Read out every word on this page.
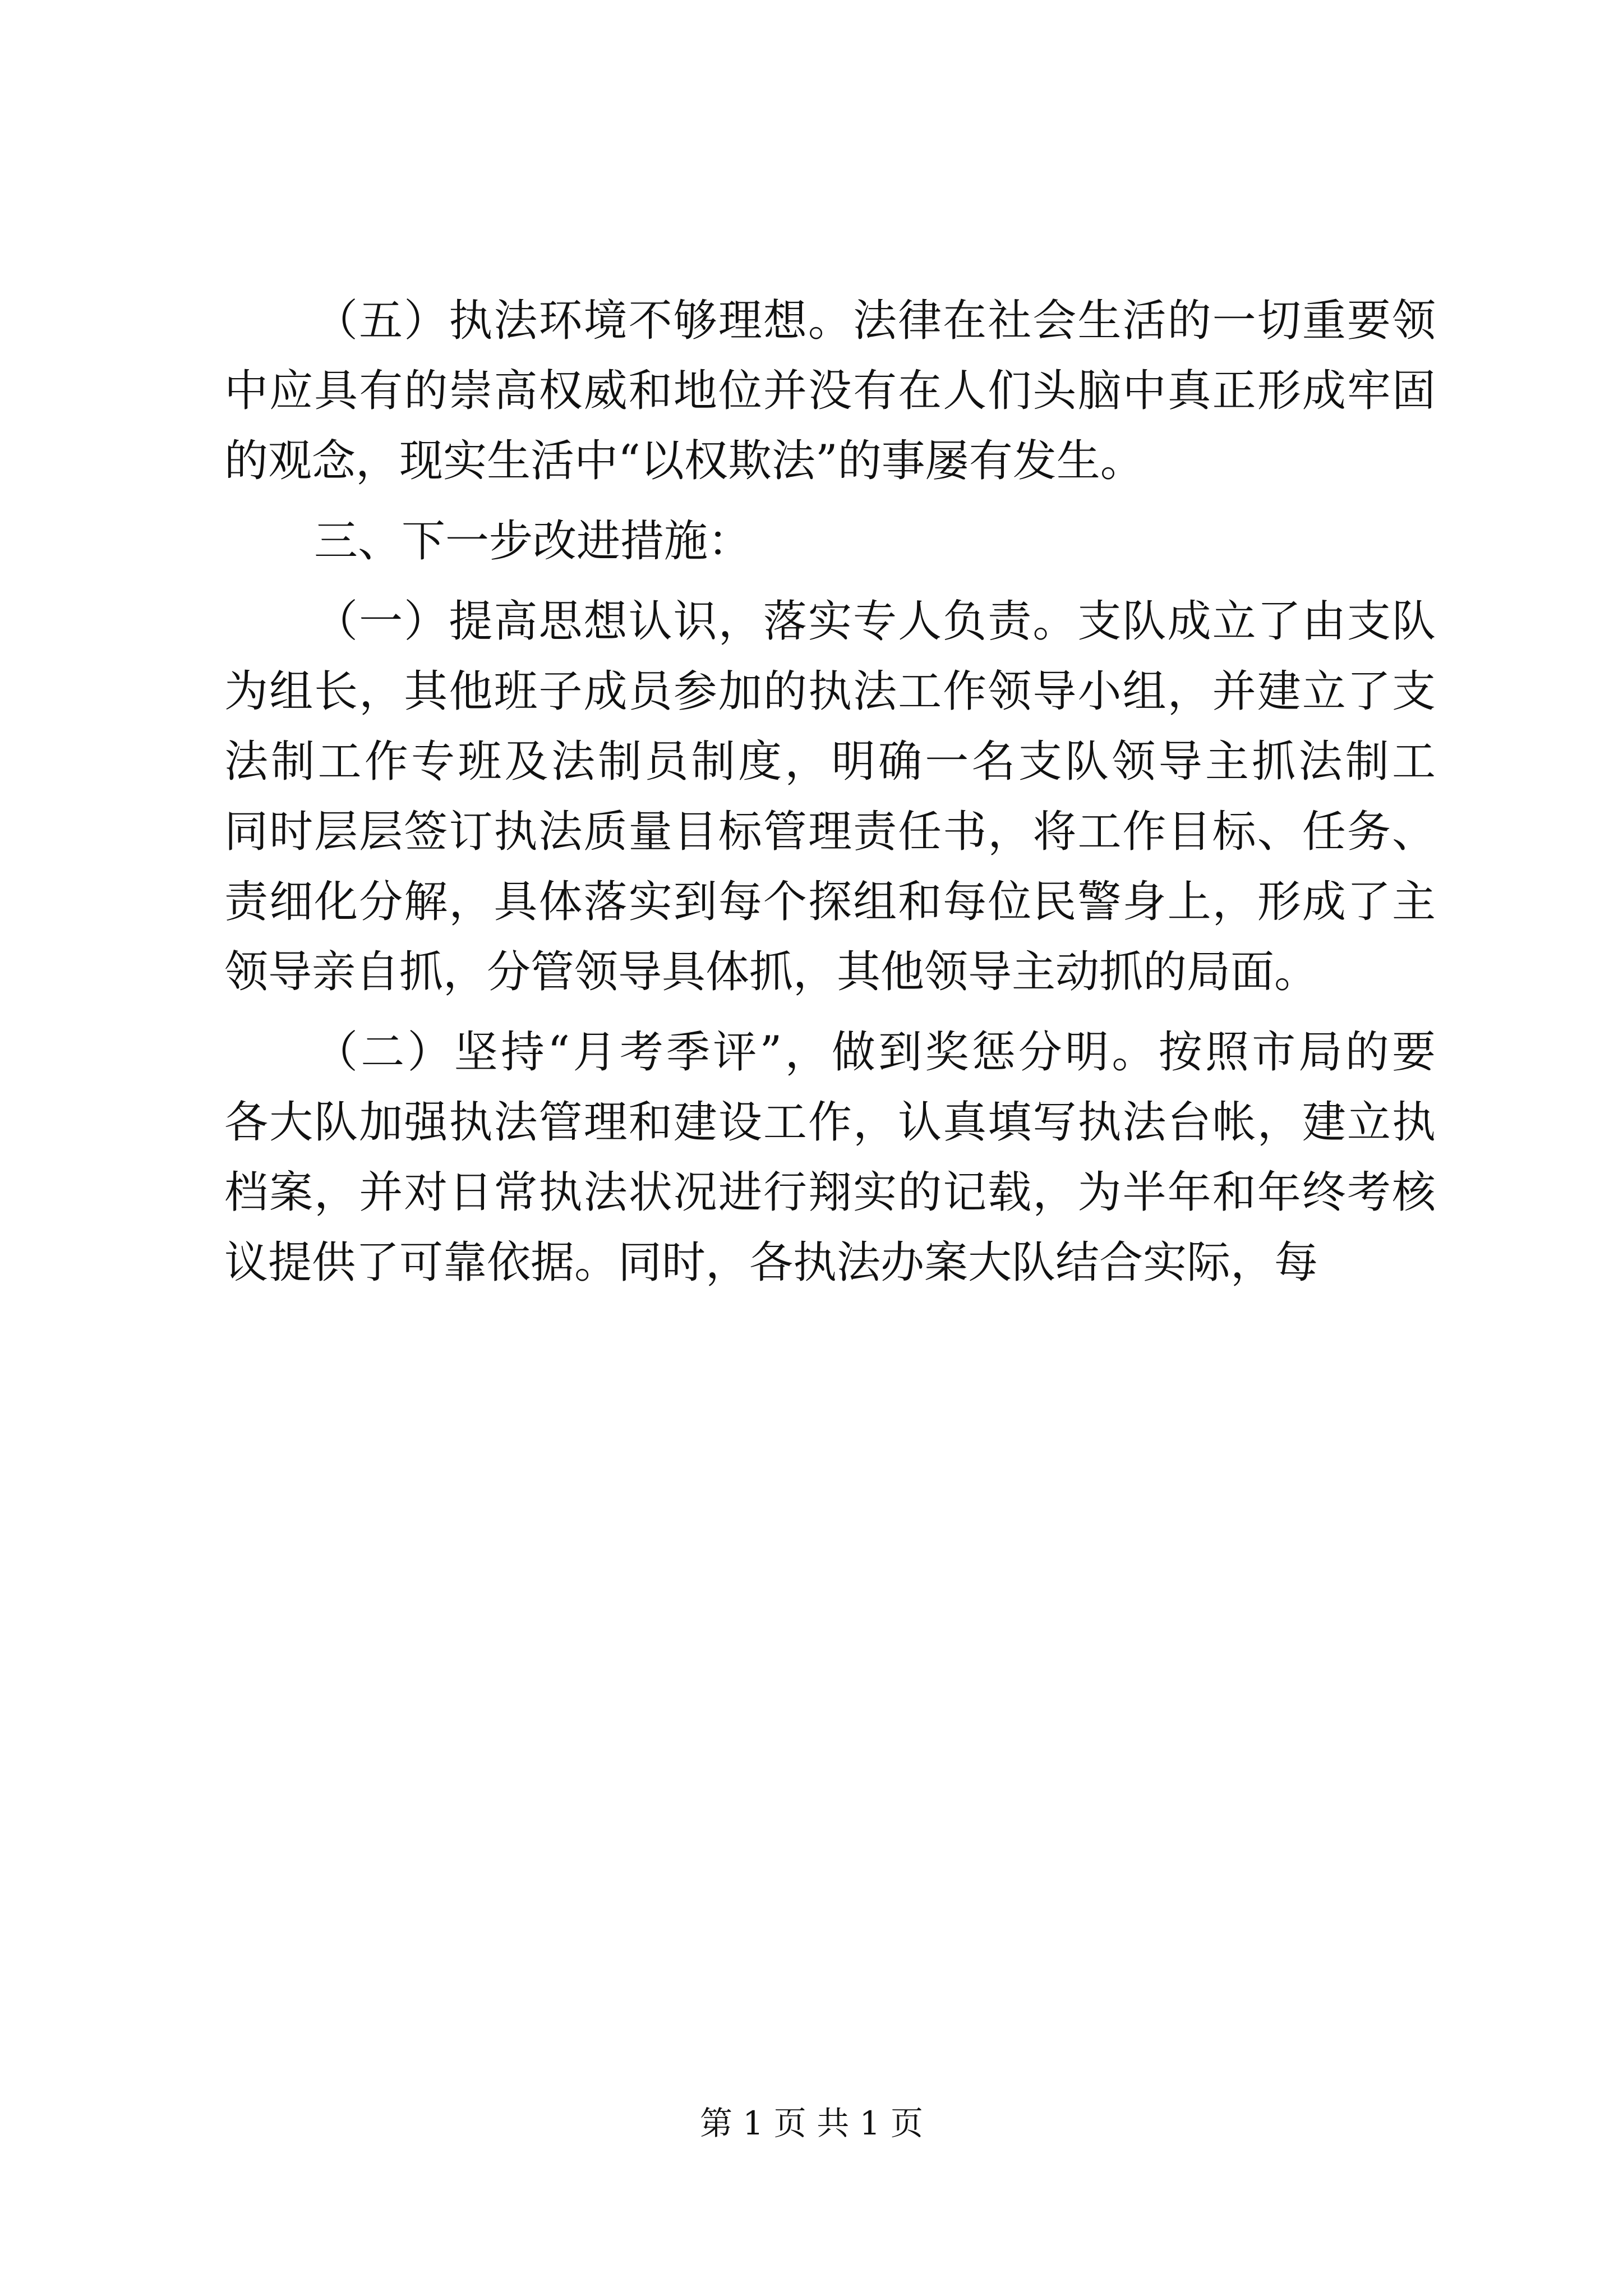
（五）执法环境不够理想。法律在社会生活的一切重要领
中应具有的崇高权威和地位并没有在人们头脑中真正形成牢固
的观念，现实生活中“以权欺法”的事屡有发生。
三、下一步改进措施：
（一）提高思想认识，落实专人负责。支队成立了由支队
为组长，其他班子成员参加的执法工作领导小组，并建立了支
法制工作专班及法制员制度，明确一名支队领导主抓法制工
同时层层签订执法质量目标管理责任书，将工作目标、任务、
责细化分解，具体落实到每个探组和每位民警身上，形成了主
领导亲自抓，分管领导具体抓，其他领导主动抓的局面。
（二）坚持“月考季评”，做到奖惩分明。按照市局的要
各大队加强执法管理和建设工作，认真填写执法台帐，建立执
档案，并对日常执法状况进行翔实的记载，为半年和年终考核
议提供了可靠依据。同时，各执法办案大队结合实际，每
第 1 页 共 1 页
